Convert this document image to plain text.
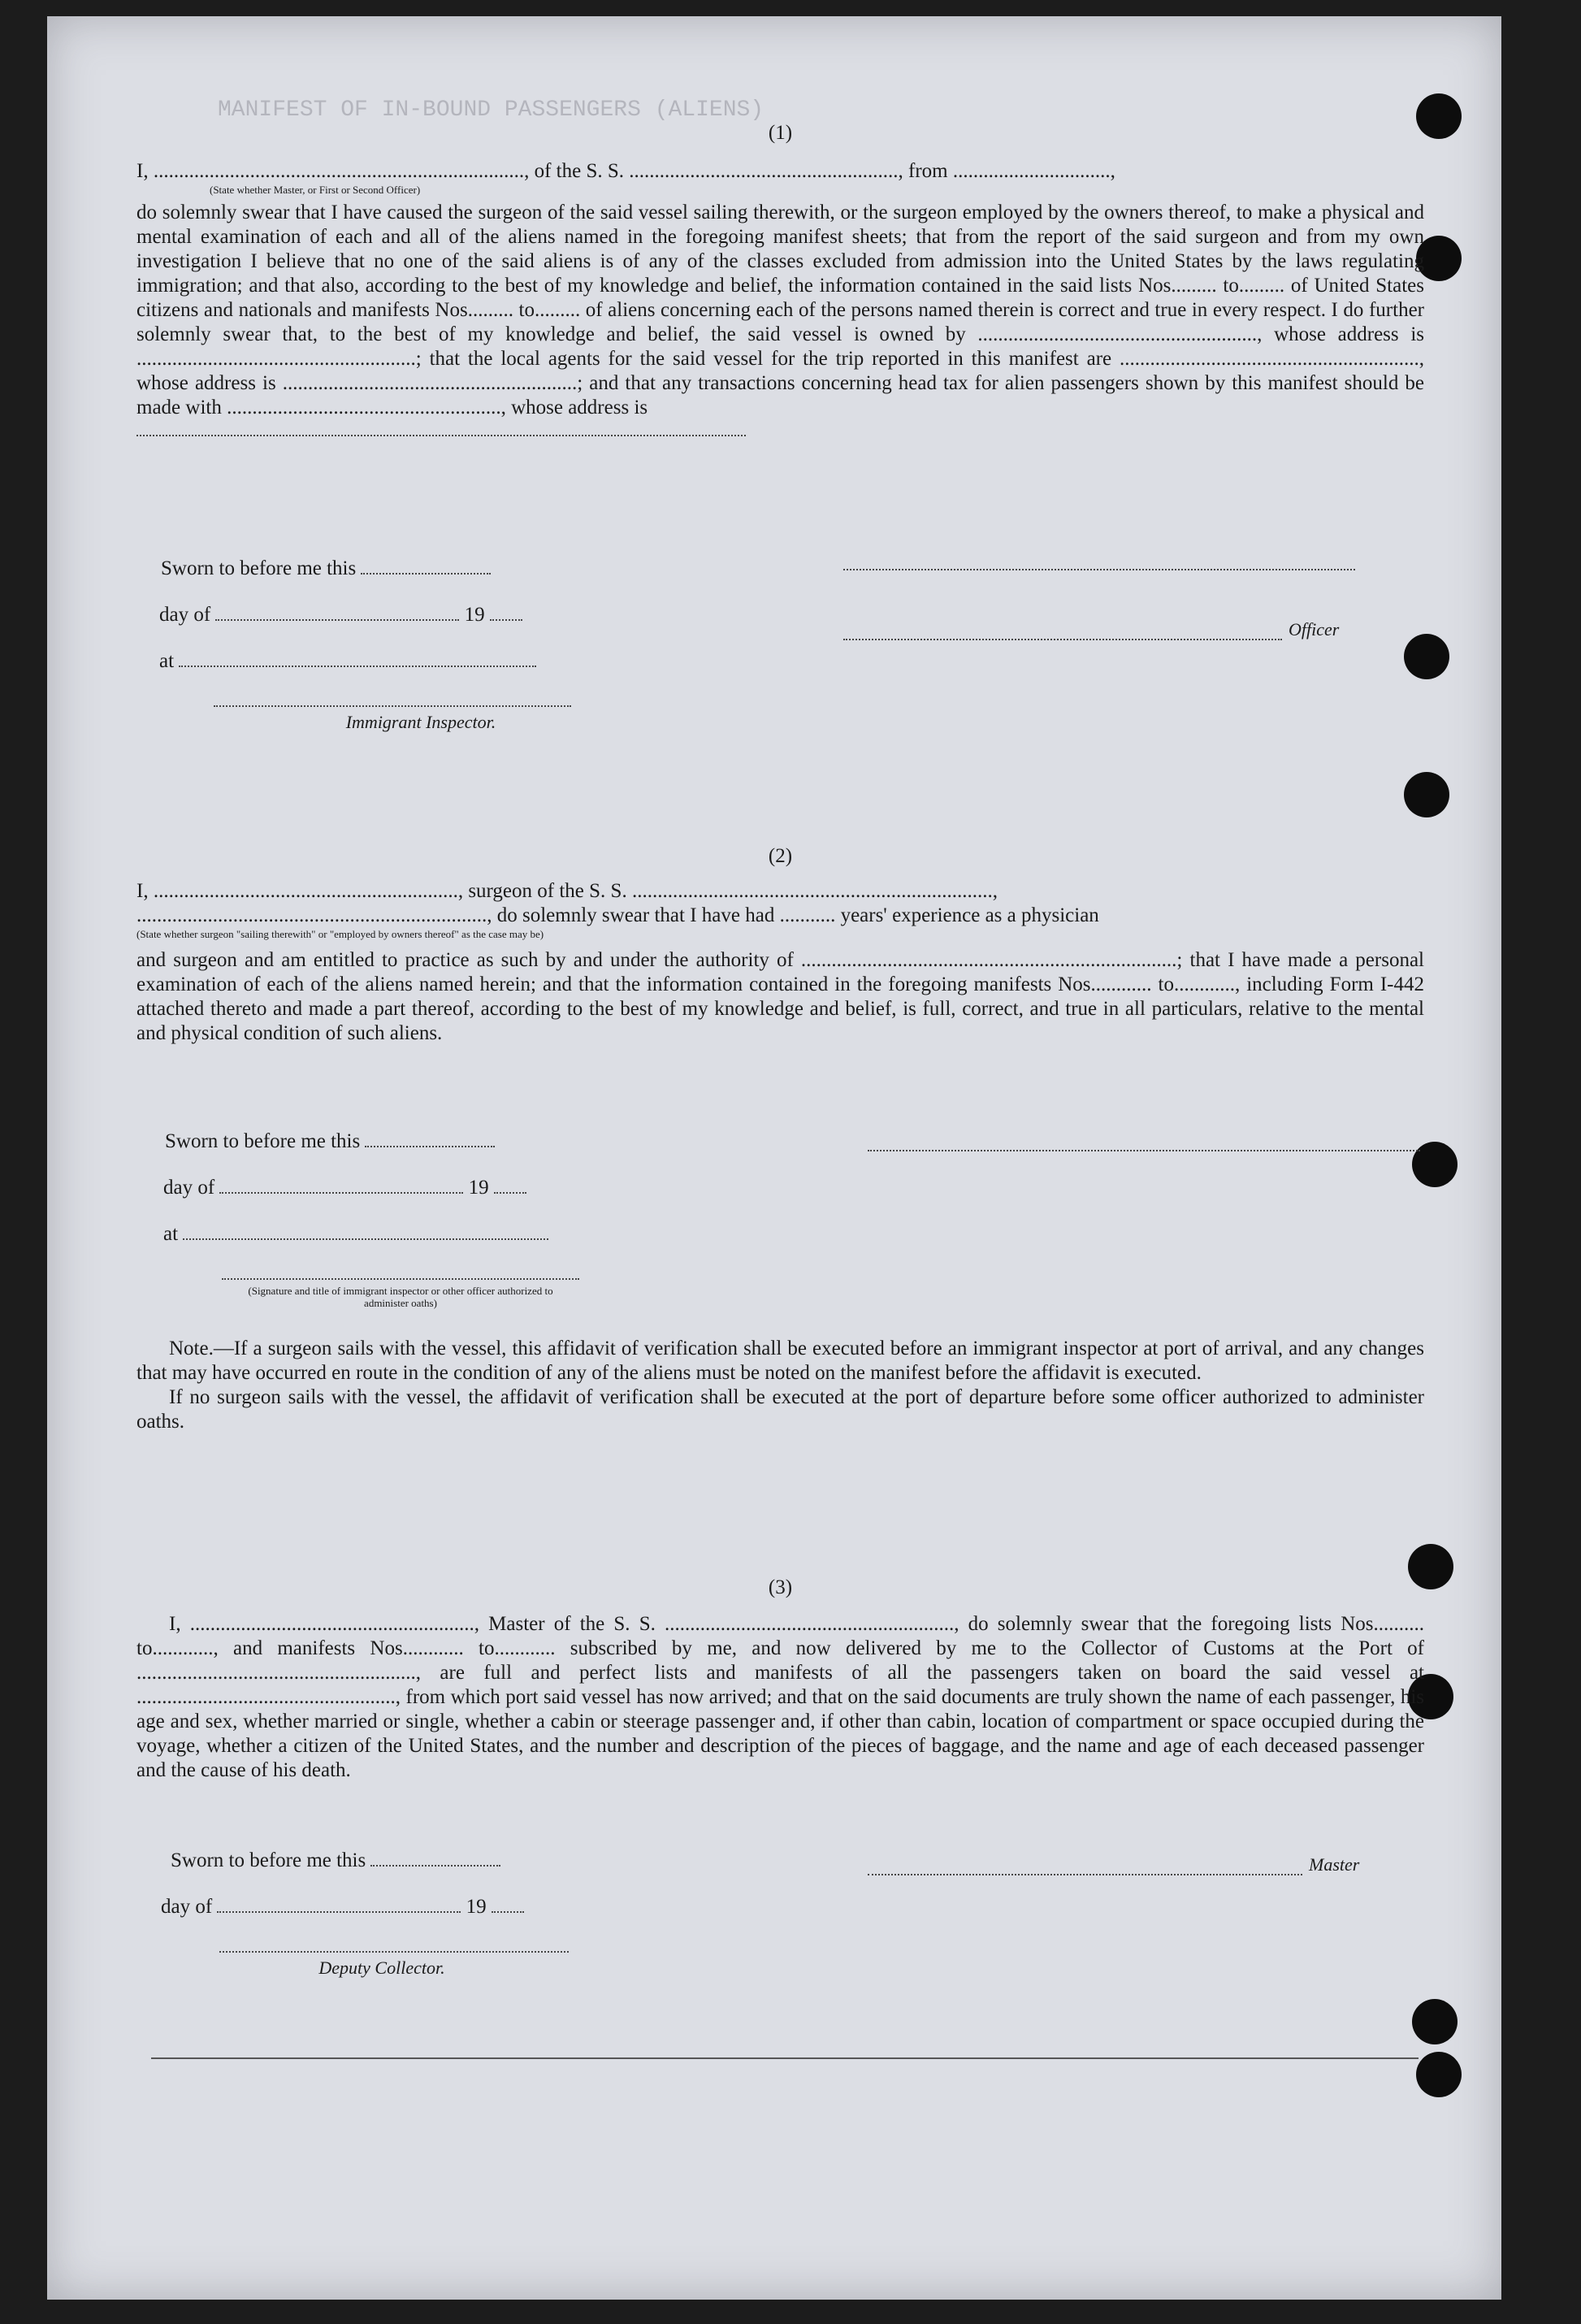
MANIFEST OF IN-BOUND PASSENGERS (ALIENS)

(1)

I, ........................................................................., of the S. S. ....................................................., from ...............................,

(State whether Master, or First or Second Officer)

do solemnly swear that I have caused the surgeon of the said vessel sailing therewith, or the surgeon employed by the owners thereof, to make a physical and mental examination of each and all of the aliens named in the foregoing manifest sheets; that from the report of the said surgeon and from my own investigation I believe that no one of the said aliens is of any of the classes excluded from admission into the United States by the laws regulating immigration; and that also, according to the best of my knowledge and belief, the information contained in the said lists Nos......... to......... of United States citizens and nationals and manifests Nos......... to......... of aliens concerning each of the persons named therein is correct and true in every respect. I do further solemnly swear that, to the best of my knowledge and belief, the said vessel is owned by ......................................................., whose address is .......................................................; that the local agents for the said vessel for the trip reported in this manifest are ..........................................................., whose address is ..........................................................; and that any transactions concerning head tax for alien passengers shown by this manifest should be made with ......................................................, whose address is

Sworn to before me this
day of	19
at
Immigrant Inspector.
Officer

(2)

I, ............................................................, surgeon of the S. S. .......................................................................,

....................................................................., do solemnly swear that I have had ........... years' experience as a physician

(State whether surgeon "sailing therewith" or "employed by owners thereof" as the case may be)

and surgeon and am entitled to practice as such by and under the authority of ..........................................................................; that I have made a personal examination of each of the aliens named herein; and that the information contained in the foregoing manifests Nos............ to............, including Form I-442 attached thereto and made a part thereof, according to the best of my knowledge and belief, is full, correct, and true in all particulars, relative to the mental and physical condition of such aliens.

Sworn to before me this
day of	19
at
(Signature and title of immigrant inspector or other officer authorized to administer oaths)

Note.—If a surgeon sails with the vessel, this affidavit of verification shall be executed before an immigrant inspector at port of arrival, and any changes that may have occurred en route in the condition of any of the aliens must be noted on the manifest before the affidavit is executed.

If no surgeon sails with the vessel, the affidavit of verification shall be executed at the port of departure before some officer authorized to administer oaths.

(3)

I, ........................................................, Master of the S. S. ........................................................., do solemnly swear that the foregoing lists Nos.......... to............, and manifests Nos............ to............ subscribed by me, and now delivered by me to the Collector of Customs at the Port of ......................................................., are full and perfect lists and manifests of all the passengers taken on board the said vessel at ..................................................., from which port said vessel has now arrived; and that on the said documents are truly shown the name of each passenger, his age and sex, whether married or single, whether a cabin or steerage passenger and, if other than cabin, location of compartment or space occupied during the voyage, whether a citizen of the United States, and the number and description of the pieces of baggage, and the name and age of each deceased passenger and the cause of his death.

Sworn to before me this
day of	19
Deputy Collector.
Master
